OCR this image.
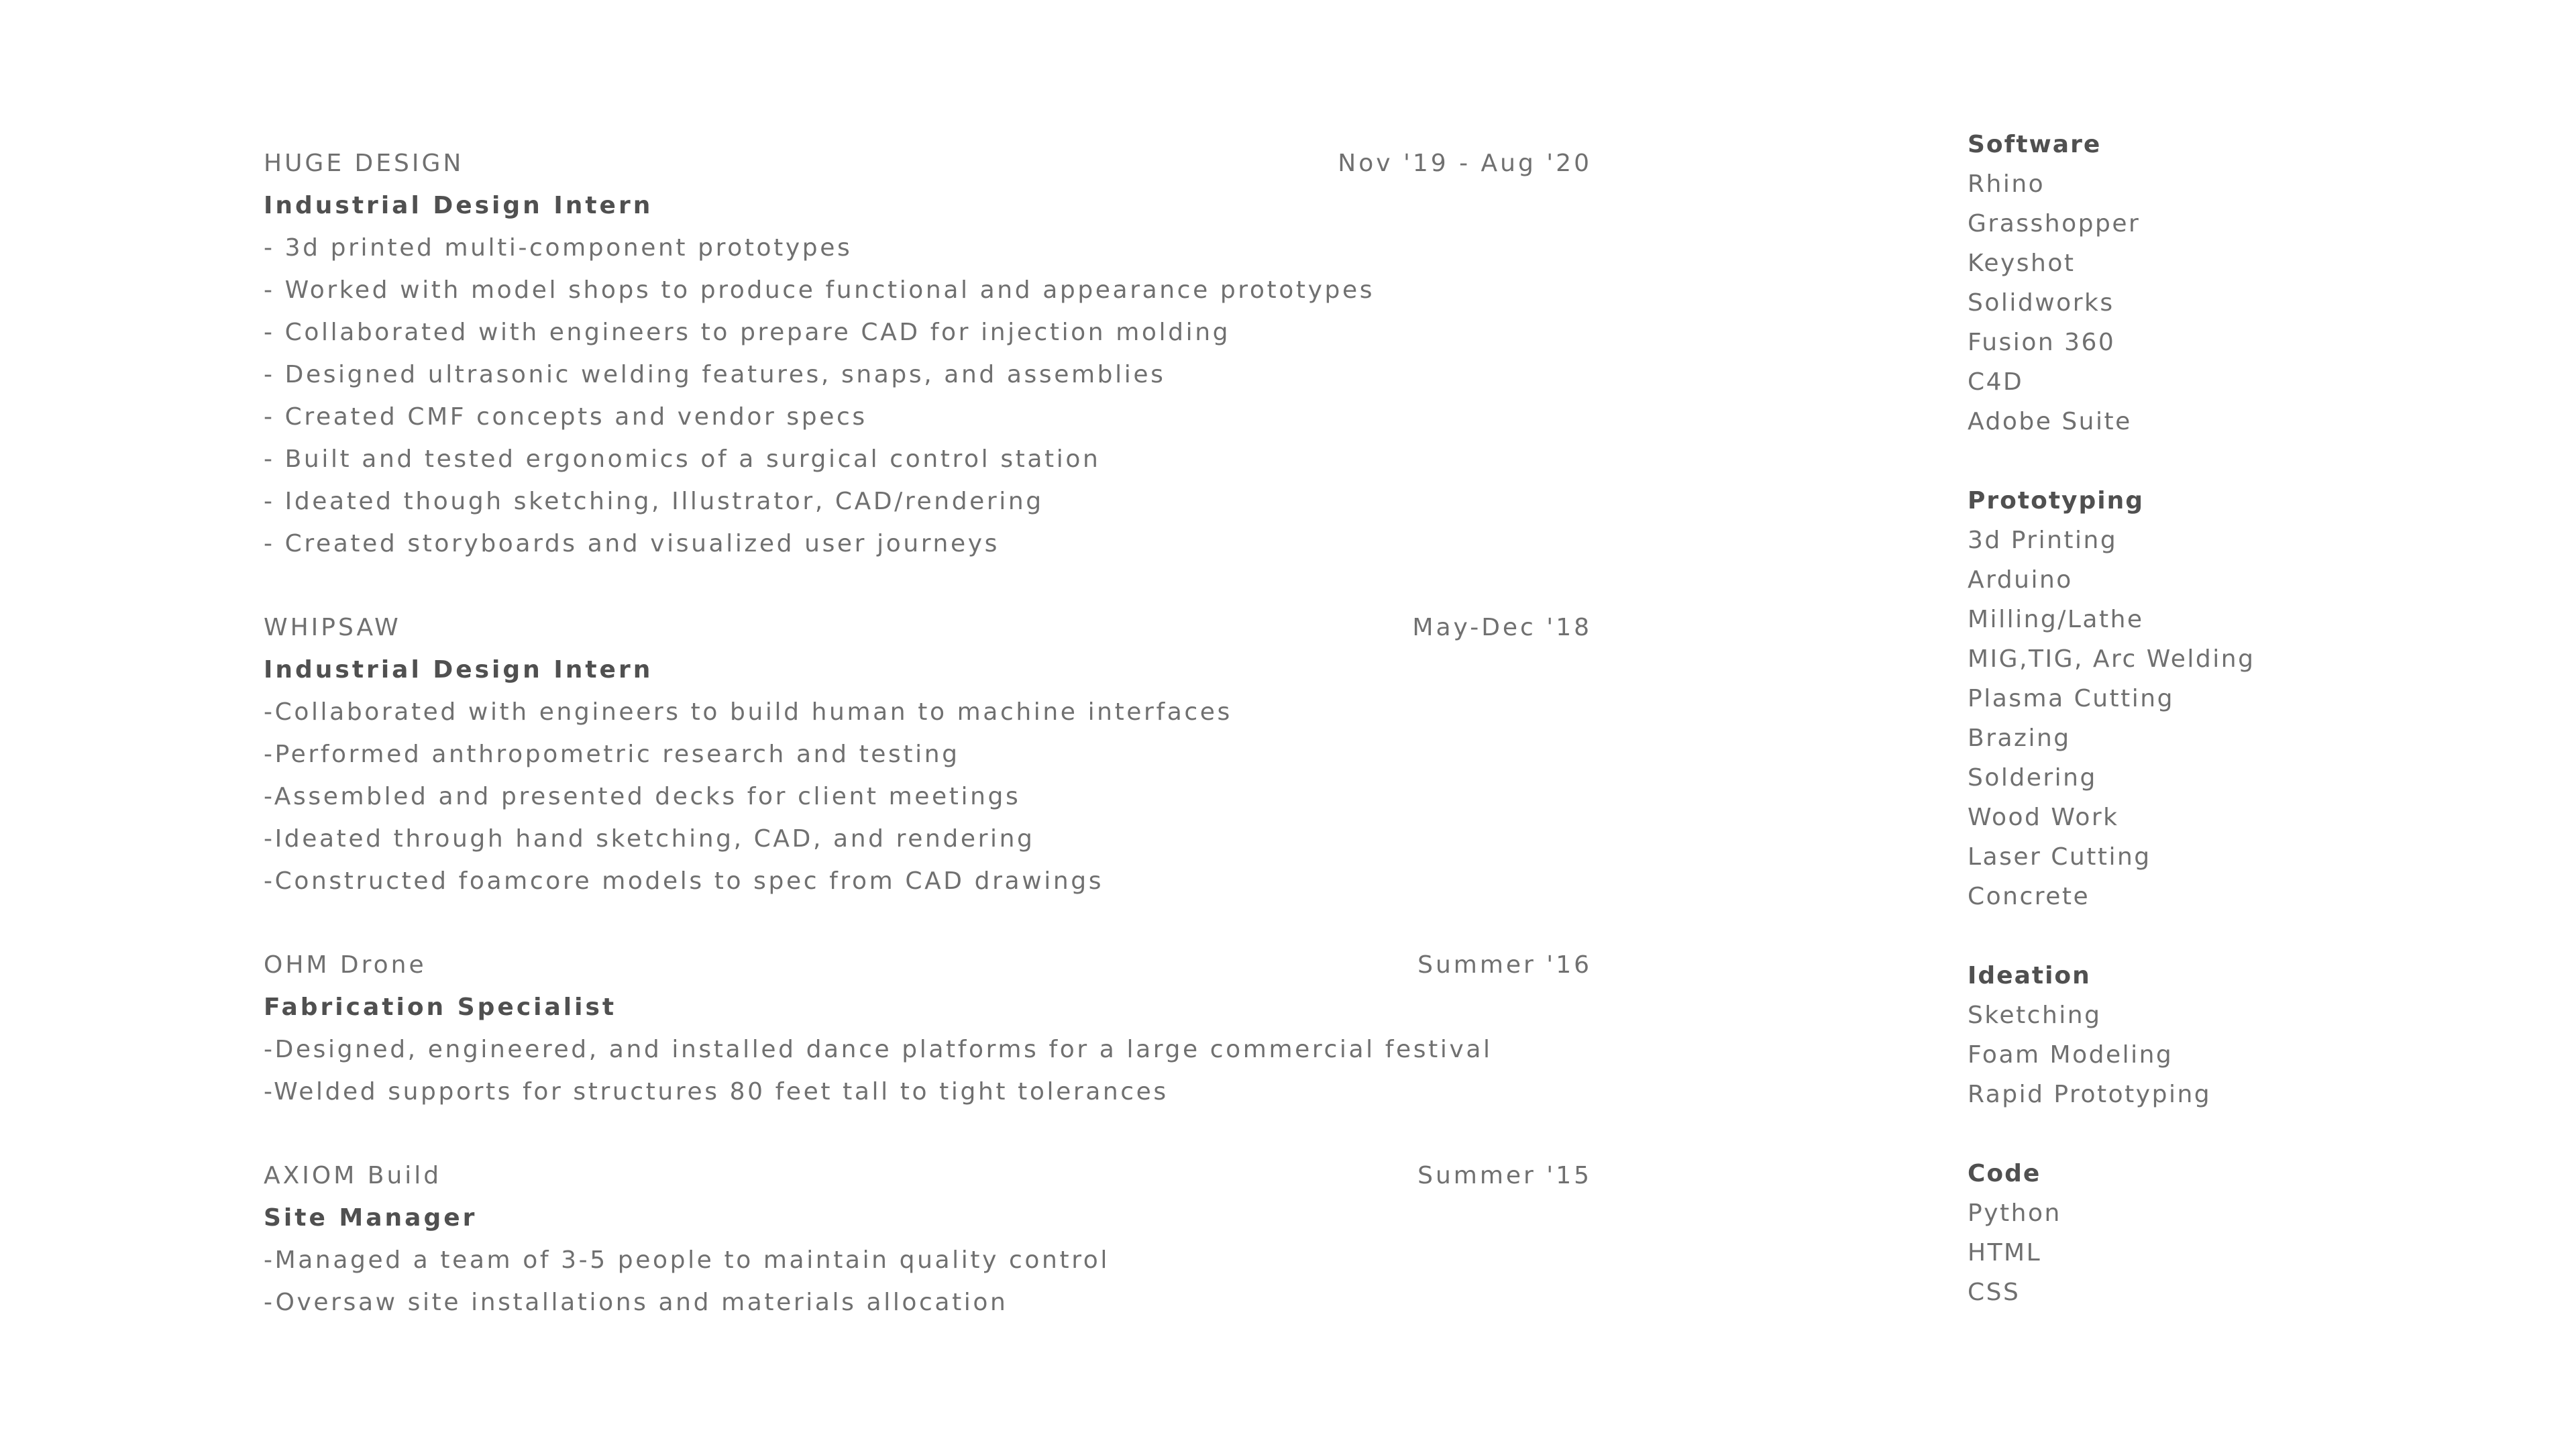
HUGE DESIGN	Nov '19 - Aug '20
Industrial Design Intern
- 3d printed multi-component prototypes
- Worked with model shops to produce functional and appearance prototypes
- Collaborated with engineers to prepare CAD for injection molding
- Designed ultrasonic welding features, snaps, and assemblies
- Created CMF concepts and vendor specs
- Built and tested ergonomics of a surgical control station
- Ideated though sketching, Illustrator, CAD/rendering
- Created storyboards and visualized user journeys
WHIPSAW	May-Dec '18
Industrial Design Intern
-Collaborated with engineers to build human to machine interfaces
-Performed anthropometric research and testing
-Assembled and presented decks for client meetings
-Ideated through hand sketching, CAD, and rendering
-Constructed foamcore models to spec from CAD drawings
OHM Drone	Summer '16
Fabrication Specialist
-Designed, engineered, and installed dance platforms for a large commercial festival
-Welded supports for structures 80 feet tall to tight tolerances
AXIOM Build	Summer '15
Site Manager
-Managed a team of 3-5 people to maintain quality control
-Oversaw site installations and materials allocation
Software
Rhino
Grasshopper
Keyshot
Solidworks
Fusion 360
C4D
Adobe Suite
Prototyping
3d Printing
Arduino
Milling/Lathe
MIG,TIG, Arc Welding
Plasma Cutting
Brazing
Soldering
Wood Work
Laser Cutting
Concrete
Ideation
Sketching
Foam Modeling
Rapid Prototyping
Code
Python
HTML
CSS
